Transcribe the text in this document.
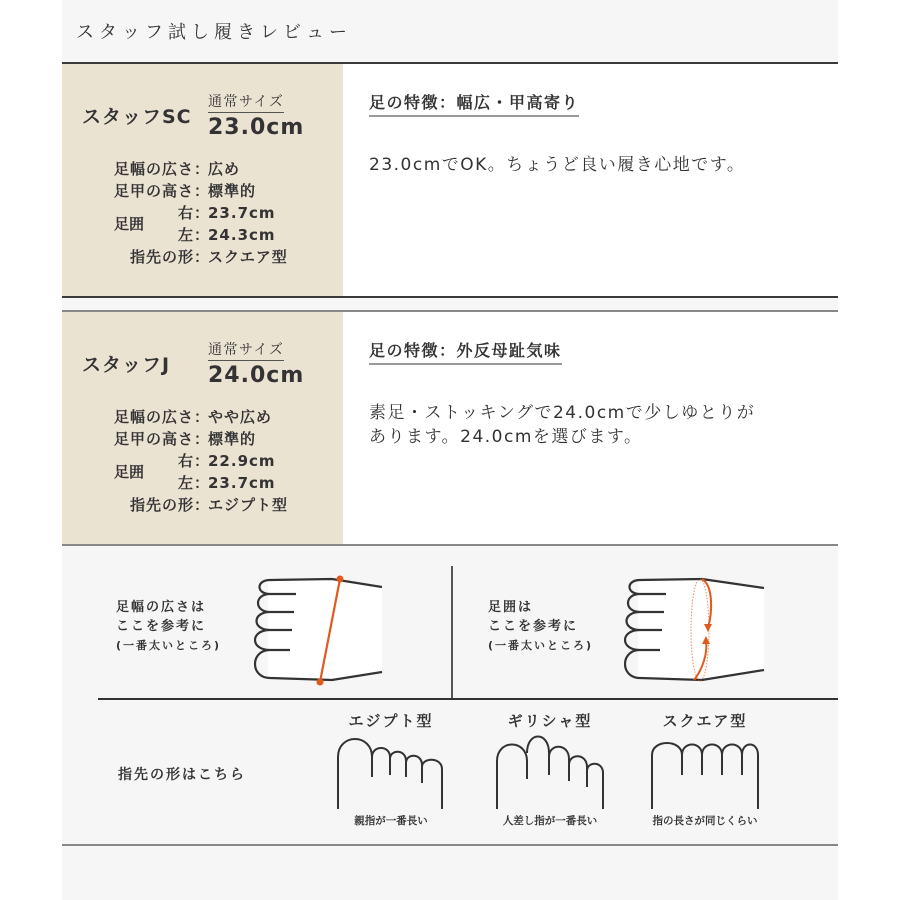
スタッフ試し履きレビュー
スタッフSC
通常サイズ
23.0cm
足幅の広さ ：
広め
足甲の高さ ：
標準的
足囲
右 ：
23.7cm
左 ：
24.3cm
指先の形 ：
スクエア型
足の特徴：幅広・甲高寄り
23.0cmでOK。ちょうど良い履き心地です。
スタッフJ
通常サイズ
24.0cm
足幅の広さ ：
やや広め
足甲の高さ ：
標準的
足囲
右 ：
22.9cm
左 ：
23.7cm
指先の形 ：
エジプト型
足の特徴：外反母趾気味
素足・ストッキングで24.0cmで少しゆとりが
あります。24.0cmを選びます。
足幅の広さは
ここを参考に
(一番太いところ)
足囲は
ここを参考に
(一番太いところ)
指先の形はこちら
エジプト型
親指が一番長い
ギリシャ型
人差し指が一番長い
スクエア型
指の長さが同じくらい
